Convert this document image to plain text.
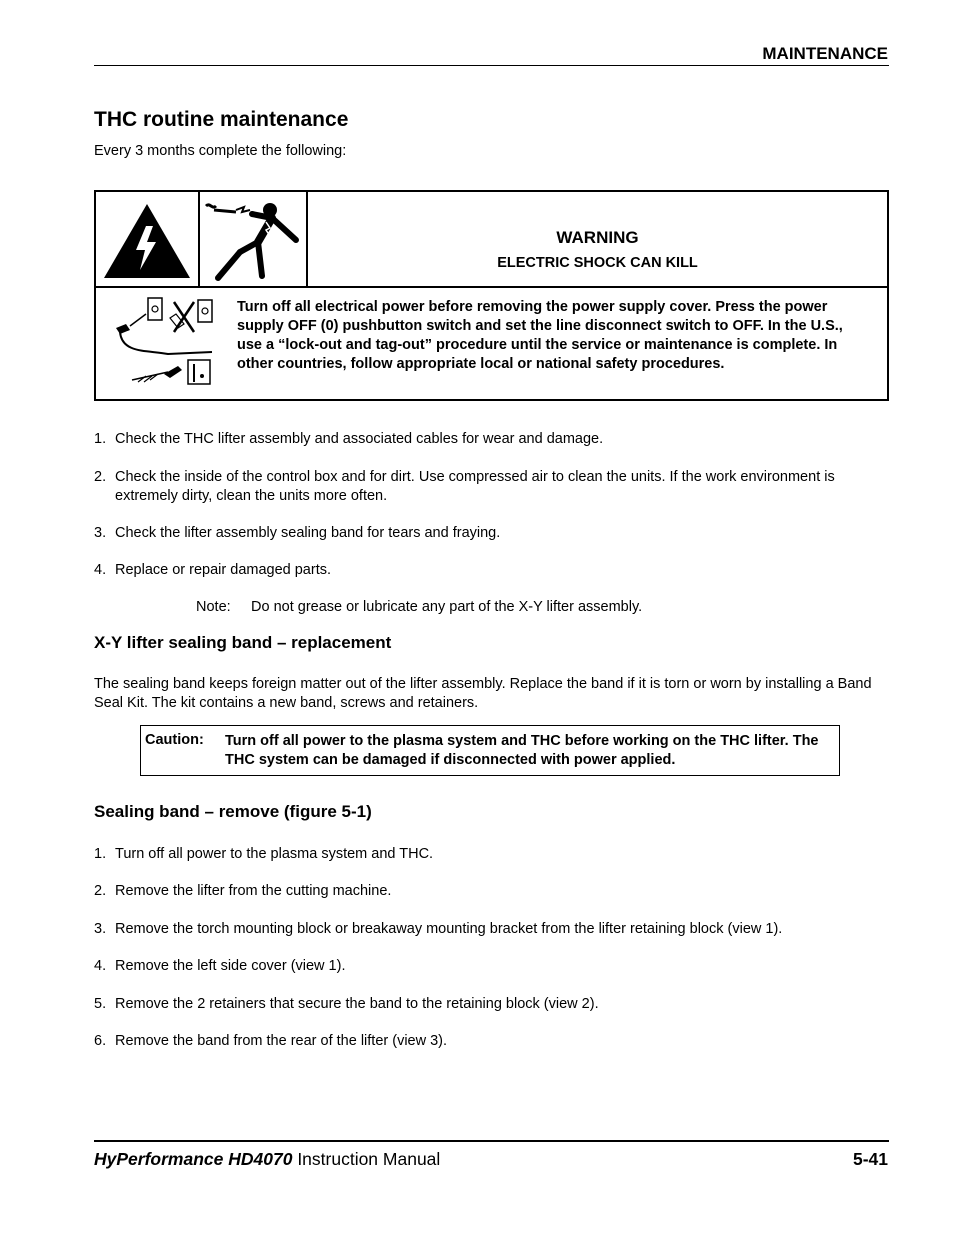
MAINTENANCE
THC routine maintenance
Every 3 months complete the following:
WARNING
ELECTRIC SHOCK CAN KILL
Turn off all electrical power before removing the power supply cover. Press the power supply OFF (0) pushbutton switch and set the line disconnect switch to OFF. In the U.S., use a “lock-out and tag-out” procedure until the service or maintenance is complete. In other countries, follow appropriate local or national safety procedures.
1. Check the THC lifter assembly and associated cables for wear and damage.
2. Check the inside of the control box and for dirt. Use compressed air to clean the units. If the work environment is extremely dirty, clean the units more often.
3. Check the lifter assembly sealing band for tears and fraying.
4. Replace or repair damaged parts.
Note: Do not grease or lubricate any part of the X-Y lifter assembly.
X-Y lifter sealing band – replacement
The sealing band keeps foreign matter out of the lifter assembly. Replace the band if it is torn or worn by installing a Band Seal Kit. The kit contains a new band, screws and retainers.
Caution: Turn off all power to the plasma system and THC before working on the THC lifter. The THC system can be damaged if disconnected with power applied.
Sealing band – remove (figure 5-1)
1. Turn off all power to the plasma system and THC.
2. Remove the lifter from the cutting machine.
3. Remove the torch mounting block or breakaway mounting bracket from the lifter retaining block (view 1).
4. Remove the left side cover (view 1).
5. Remove the 2 retainers that secure the band to the retaining block (view 2).
6. Remove the band from the rear of the lifter (view 3).
HyPerformance HD4070 Instruction Manual	5-41
